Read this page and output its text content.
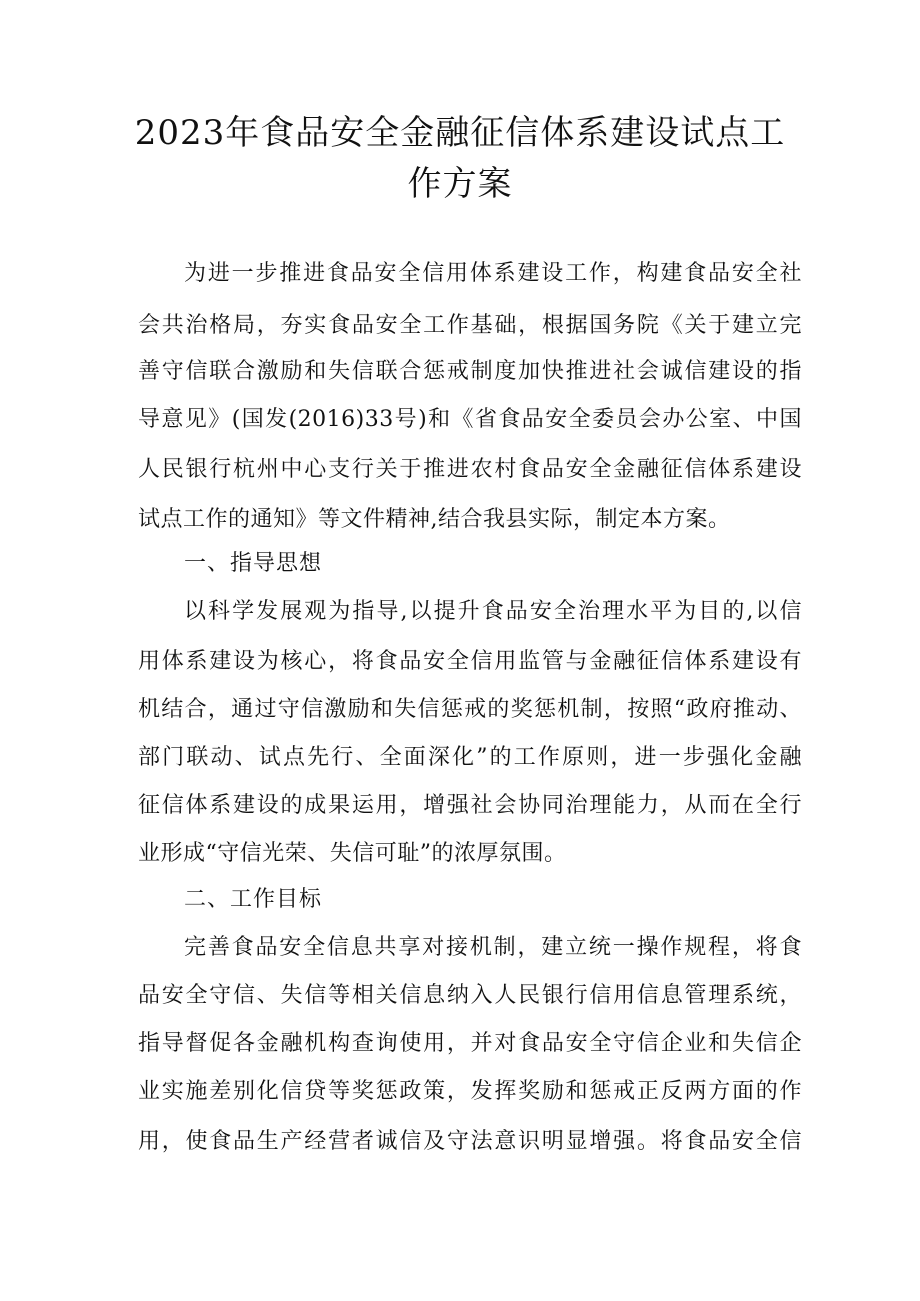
2023年食品安全金融征信体系建设试点工
作方案
为进一步推进食品安全信用体系建设工作，构建食品安全社
会共治格局，夯实食品安全工作基础，根据国务院《关于建立完
善守信联合激励和失信联合惩戒制度加快推进社会诚信建设的指
导意见》(国发(2016)33号)和《省食品安全委员会办公室、中国
人民银行杭州中心支行关于推进农村食品安全金融征信体系建设
试点工作的通知》等文件精神,结合我县实际，制定本方案。
一、指导思想
以科学发展观为指导,以提升食品安全治理水平为目的,以信
用体系建设为核心，将食品安全信用监管与金融征信体系建设有
机结合，通过守信激励和失信惩戒的奖惩机制，按照“政府推动、
部门联动、试点先行、全面深化”的工作原则，进一步强化金融
征信体系建设的成果运用，增强社会协同治理能力，从而在全行
业形成“守信光荣、失信可耻”的浓厚氛围。
二、工作目标
完善食品安全信息共享对接机制，建立统一操作规程，将食
品安全守信、失信等相关信息纳入人民银行信用信息管理系统，
指导督促各金融机构查询使用，并对食品安全守信企业和失信企
业实施差别化信贷等奖惩政策，发挥奖励和惩戒正反两方面的作
用，使食品生产经营者诚信及守法意识明显增强。将食品安全信
